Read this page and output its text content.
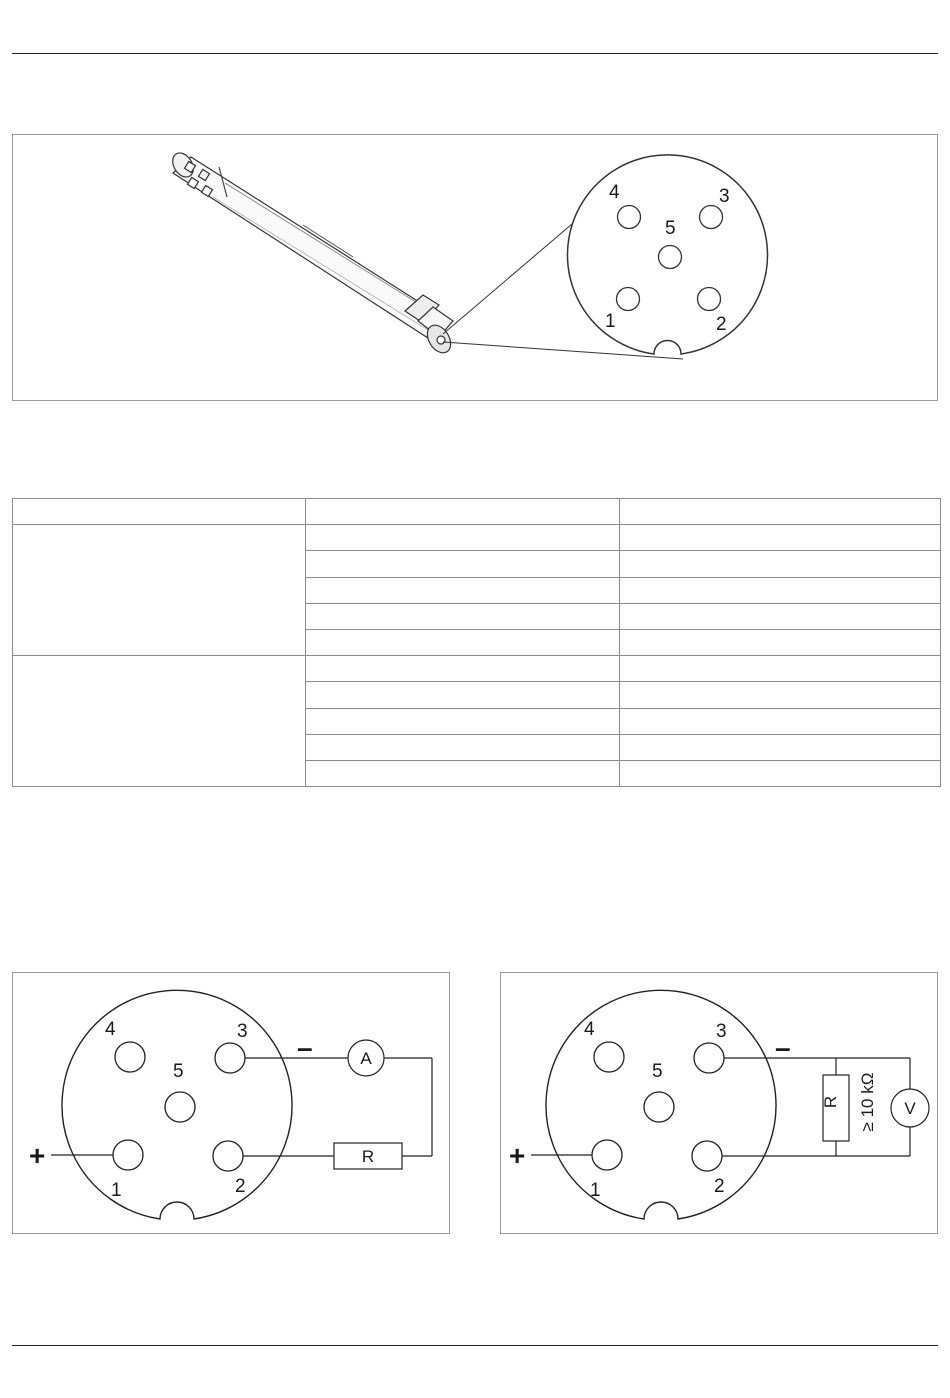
1	2
3
4
5

1	2
3
4
5
+
–	A
R
1	2
3
4
5
+
–
R ≥ 10 kΩ V
